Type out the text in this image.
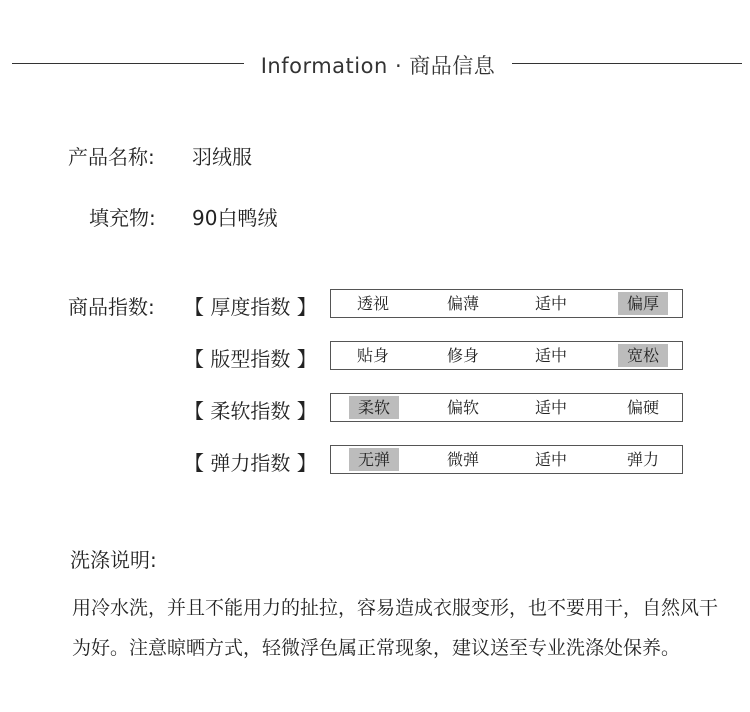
Information · 商品信息
产品名称: 羽绒服
填充物: 90白鸭绒
商品指数: 【 厚度指数 】	透视	偏薄	适中	偏厚
【 版型指数 】	贴身	修身	适中	宽松
【 柔软指数 】	柔软	偏软	适中	偏硬
【 弹力指数 】	无弹	微弹	适中	弹力
洗涤说明:
用冷水洗，并且不能用力的扯拉，容易造成衣服变形，也不要用干，自然风干为好。注意晾晒方式，轻微浮色属正常现象，建议送至专业洗涤处保养。
